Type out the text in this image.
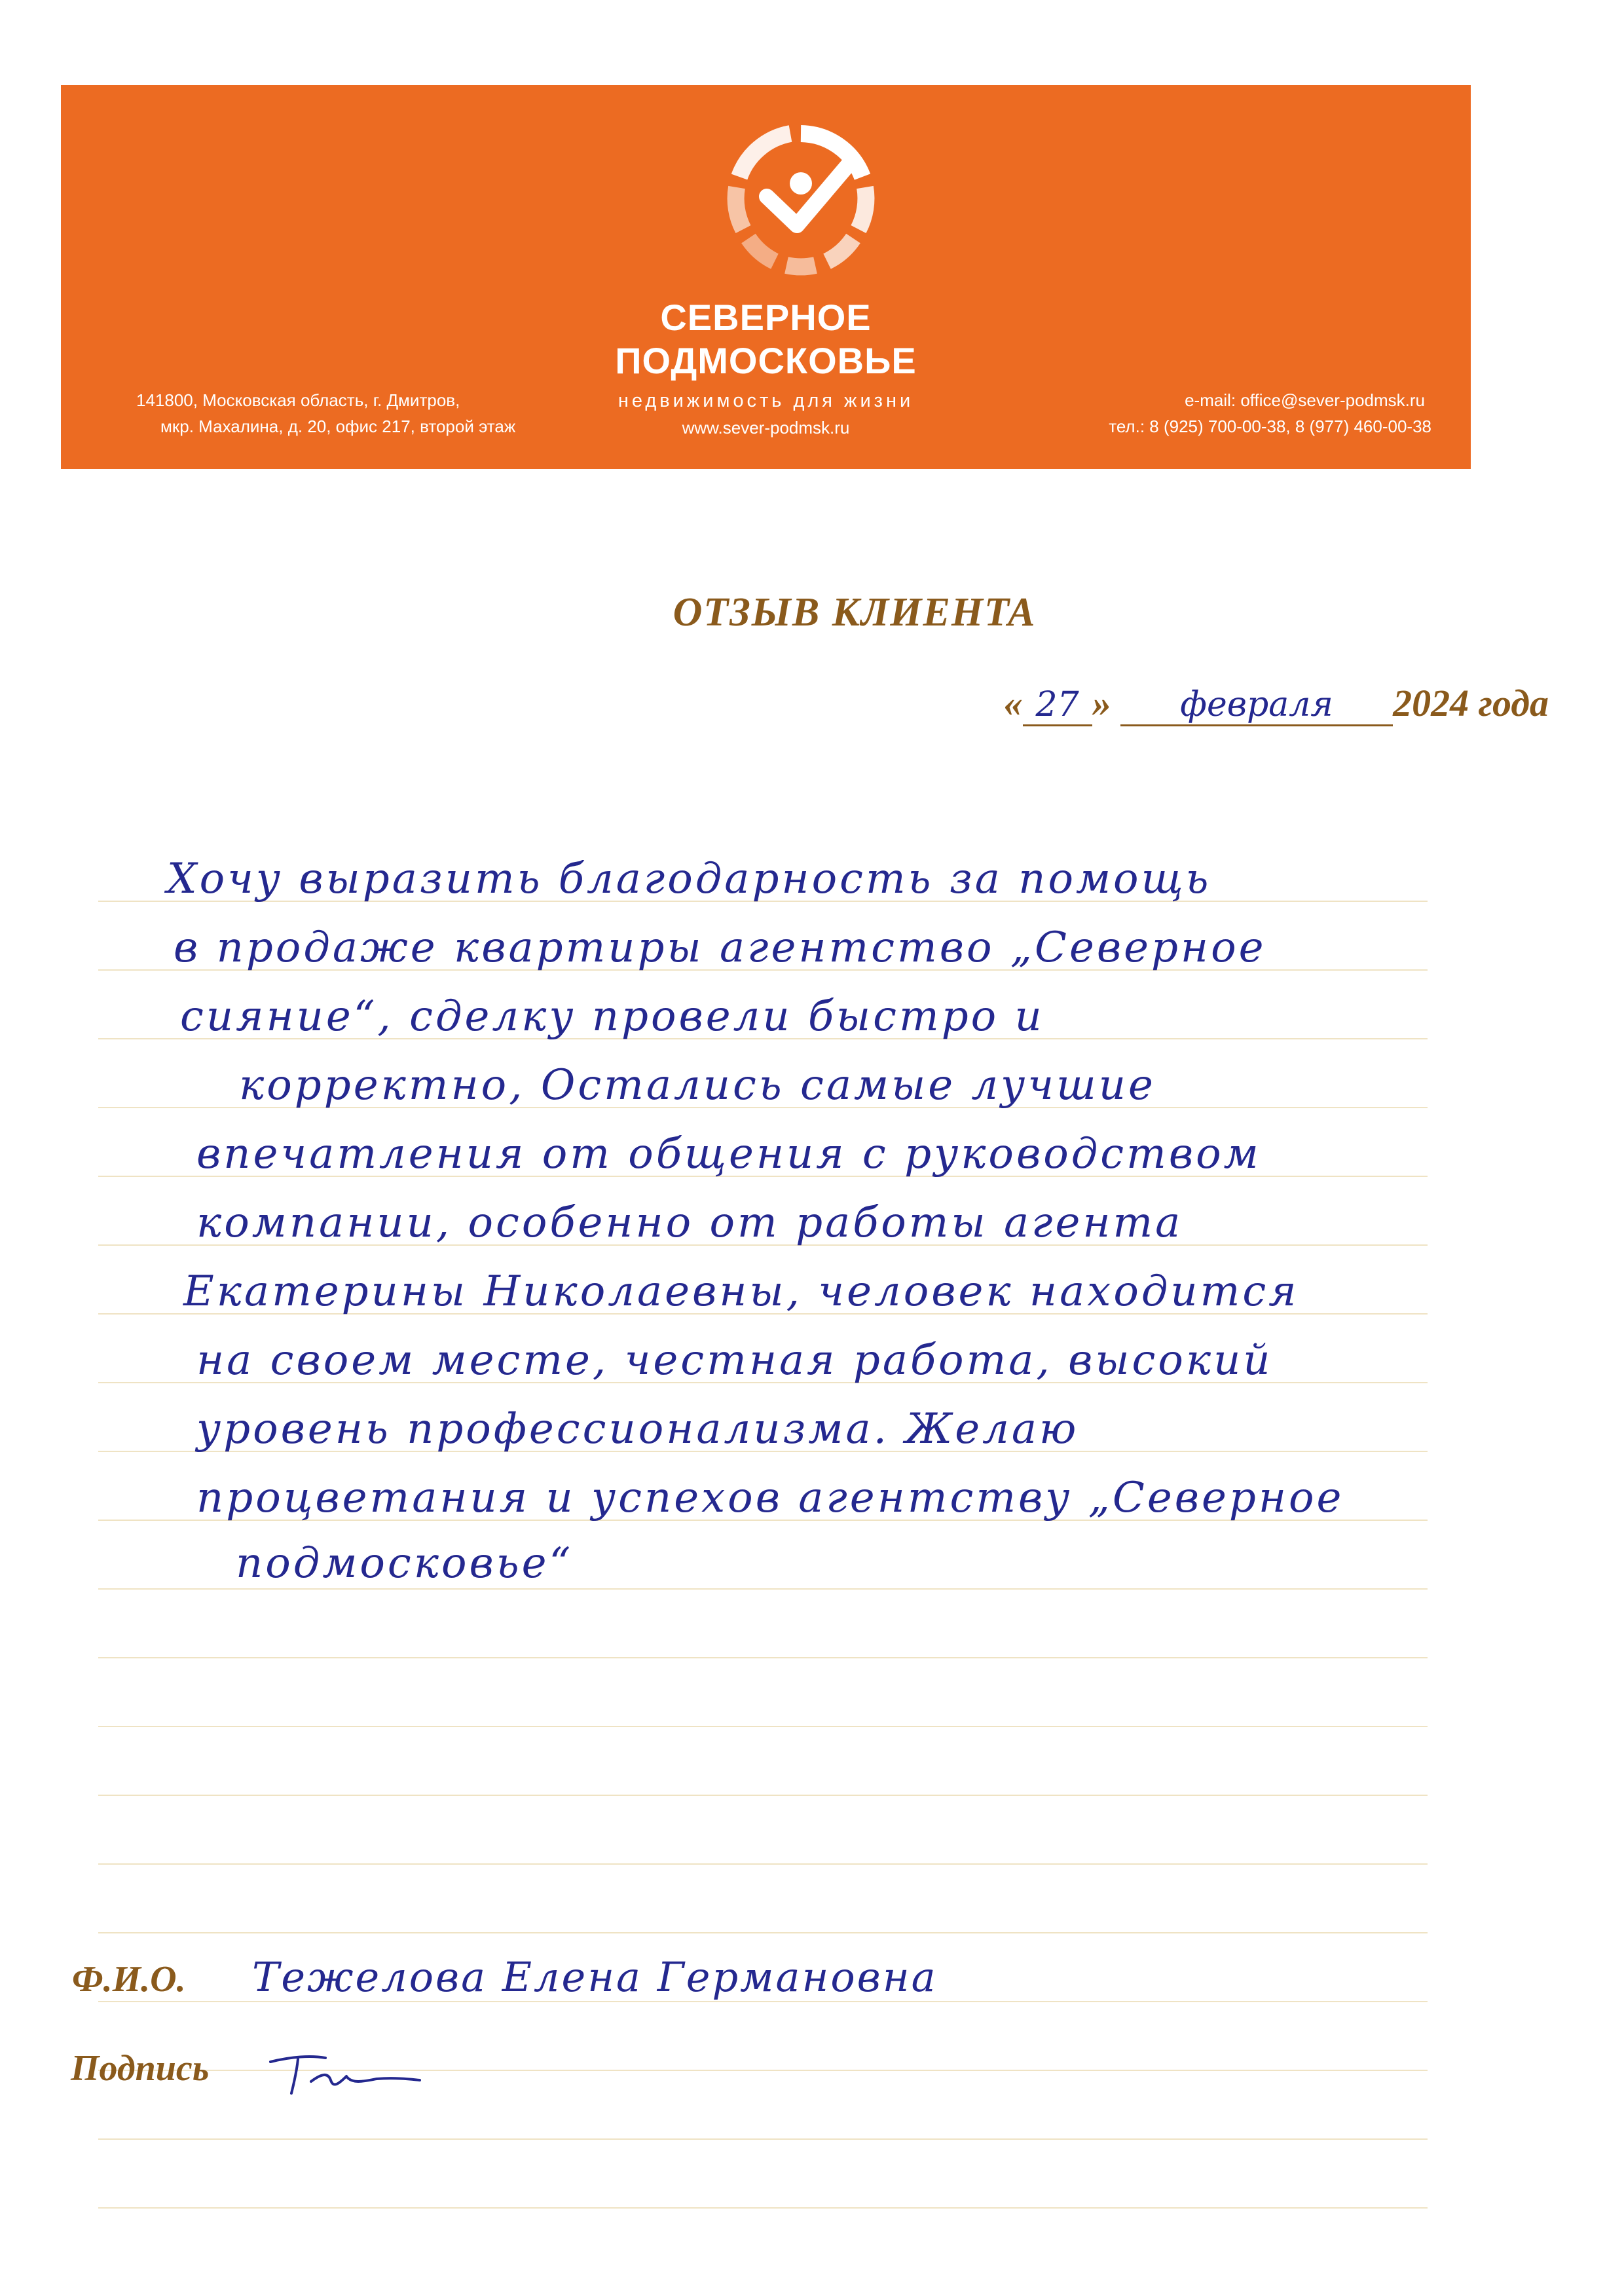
СЕВЕРНОЕ
ПОДМОСКОВЬЕ
недвижимость для жизни
www.sever-podmsk.ru
141800, Московская область, г. Дмитров,
мкр. Махалина, д. 20, офис 217, второй этаж
e-mail: office@sever-podmsk.ru
тел.: 8 (925) 700-00-38, 8 (977) 460-00-38
ОТЗЫВ КЛИЕНТА
« 27 » февраля 2024 года
Хочу выразить благодарность за помощь
в продаже квартиры агентство „Северное
сияние“, сделку провели быстро и
корректно, Остались самые лучшие
впечатления от общения с руководством
компании, особенно от работы агента
Екатерины Николаевны, человек находится
на своем месте, честная работа, высокий
уровень профессионализма. Желаю
процветания и успехов агентству „Северное
подмосковье“
Ф.И.О. Тежелова Елена Германовна
Подпись
